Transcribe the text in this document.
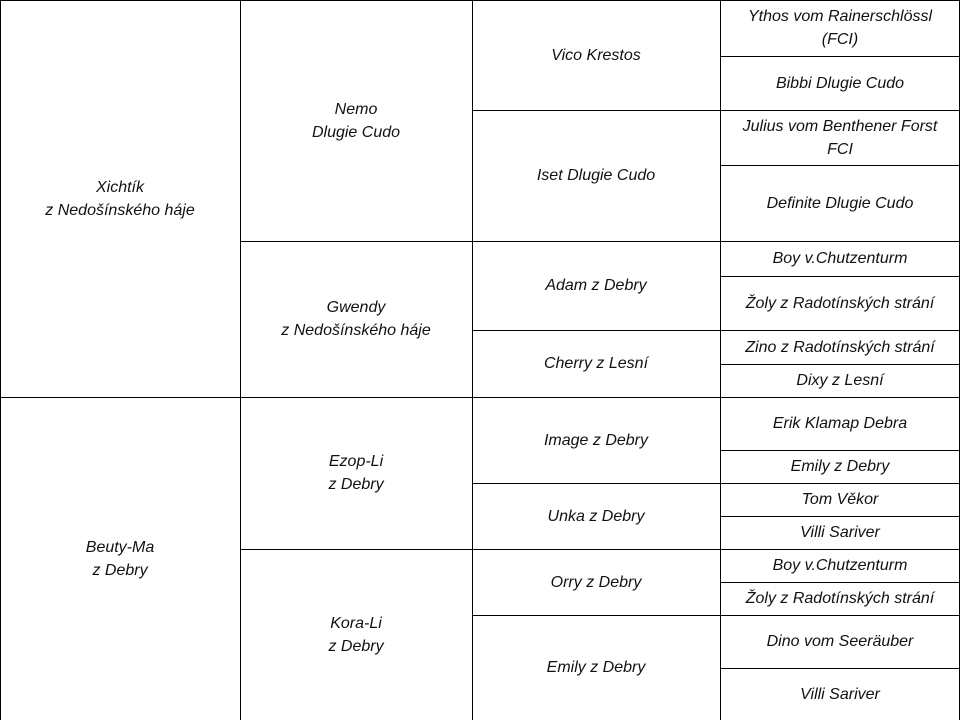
Xichtík
z Nedošínského háje
Beuty-Ma
z Debry
Nemo
Dlugie Cudo
Gwendy
z Nedošínského háje
Ezop-Li
z Debry
Kora-Li
z Debry
Vico Krestos
Iset Dlugie Cudo
Adam z Debry
Cherry z Lesní
Image z Debry
Unka z Debry
Orry z Debry
Emily z Debry
Ythos vom Rainerschlössl
(FCI)
Bibbi Dlugie Cudo
Julius vom Benthener Forst
FCI
Definite Dlugie Cudo
Boy v.Chutzenturm
Žoly z Radotínských strání
Zino z Radotínských strání
Dixy z Lesní
Erik Klamap Debra
Emily z Debry
Tom Věkor
Villi Sariver
Boy v.Chutzenturm
Žoly z Radotínských strání
Dino vom Seeräuber
Villi Sariver
